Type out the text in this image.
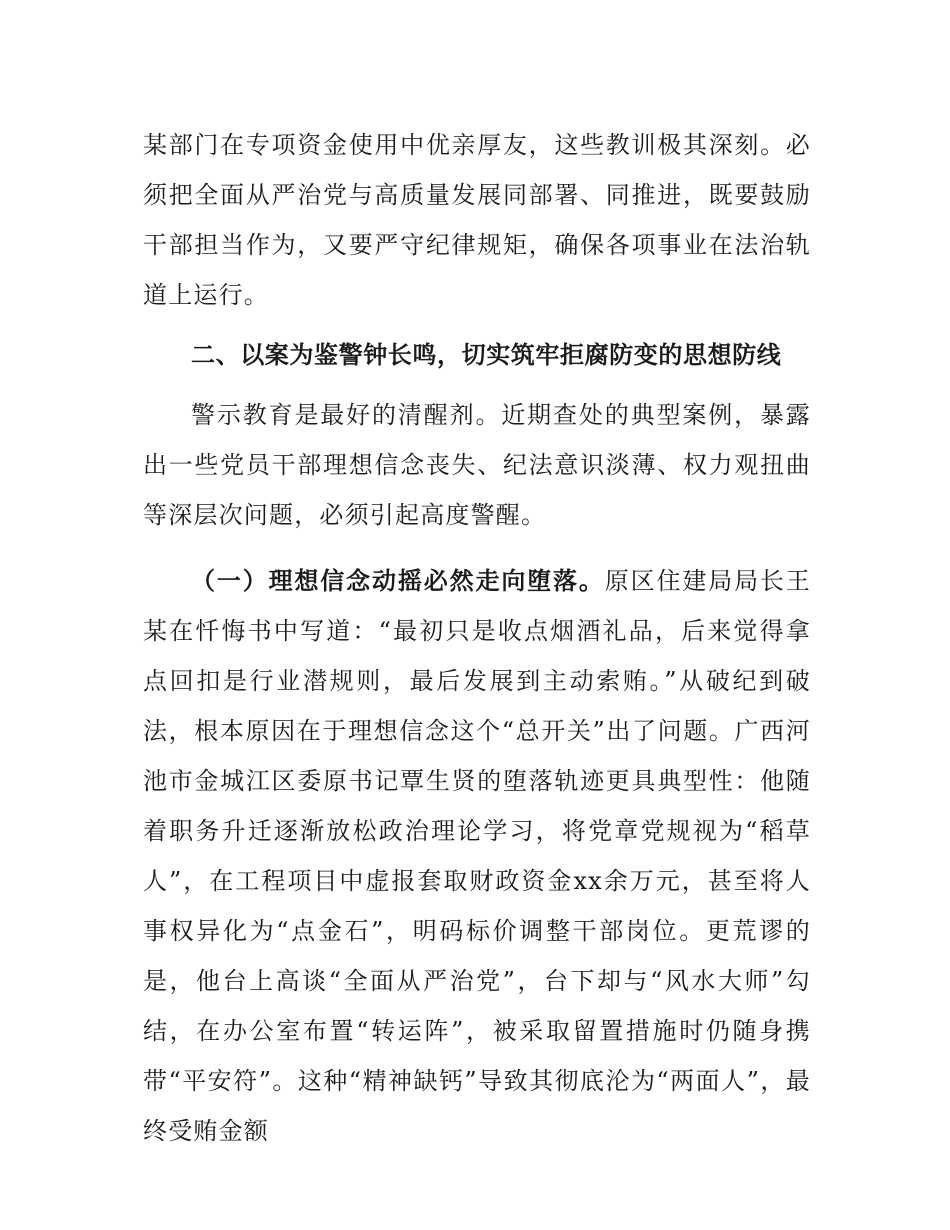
某部门在专项资金使用中优亲厚友，这些教训极其深刻。必须把全面从严治党与高质量发展同部署、同推进，既要鼓励干部担当作为，又要严守纪律规矩，确保各项事业在法治轨道上运行。

二、以案为鉴警钟长鸣，切实筑牢拒腐防变的思想防线

警示教育是最好的清醒剂。近期查处的典型案例，暴露出一些党员干部理想信念丧失、纪法意识淡薄、权力观扭曲等深层次问题，必须引起高度警醒。

（一）理想信念动摇必然走向堕落。原区住建局局长王某在忏悔书中写道：“最初只是收点烟酒礼品，后来觉得拿点回扣是行业潜规则，最后发展到主动索贿。”从破纪到破法，根本原因在于理想信念这个“总开关”出了问题。广西河池市金城江区委原书记覃生贤的堕落轨迹更具典型性：他随着职务升迁逐渐放松政治理论学习，将党章党规视为“稻草人”，在工程项目中虚报套取财政资金xx余万元，甚至将人事权异化为“点金石”，明码标价调整干部岗位。更荒谬的是，他台上高谈“全面从严治党”，台下却与“风水大师”勾结，在办公室布置“转运阵”，被采取留置措施时仍随身携带“平安符”。这种“精神缺钙”导致其彻底沦为“两面人”，最终受贿金额
